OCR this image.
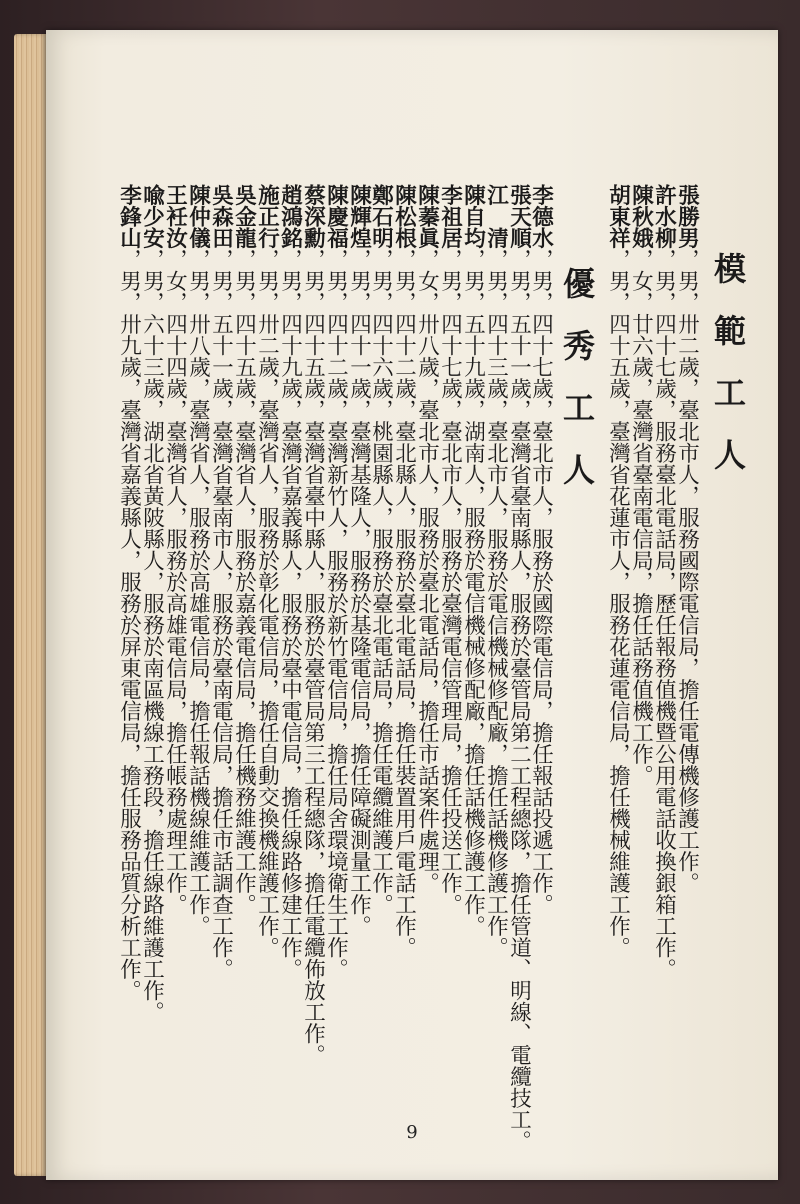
模範工人
張勝男，男，卅二歲，臺北市人，服務國際電信局，擔任電傳機修護工作。
許水柳，男，四十七歲，服務臺北電話局，歷任報務值機暨公用電話收換銀箱工作。
陳秋娥，女，廿六歲，臺灣省臺南電信局，擔任話務值機工作。
胡東祥，男，四十五歲，臺灣省花蓮市人，服務花蓮電信局，擔任機械維護工作。
優秀工人
李德水，男，四十七歲，臺北市人，服務於國際電信局，擔任報話投遞工作。
張天順，男，五十一歲，臺灣省臺南縣人，服務於臺管局第二工程總隊，擔任管道、明線、電纜技工。
江　清，男，四十三歲，臺北市人，服務於電信機械修配廠，擔任話機修護工作。
陳自均，男，五十九歲，湖南人，服務於電信機械修配廠，擔任話機修護工作。
李祖居，男，四十七歲，臺北市人，服務於臺灣電信管理局，擔任投送工作。
陳蓁眞，女，卅八歲，臺北市人，服務於臺北電話局，擔任市話案件處理。
陳松根，男，四十二歲，臺北縣人，服務於臺北電話局，擔任裝置用戶電話工作。
鄭石明，男，四十六歲，桃園縣人，服務於臺北電話局，擔任電纜維護工作。
陳輝煌，男，四十一歲，臺灣基隆人，服務於基隆電信局，擔任障礙測量工作。
陳慶福，男，四十二歲，臺灣新竹人，服務於新竹電信局，擔任局舍環境衛生工作。
蔡深勳，男，四十五歲，臺灣省臺中縣人，服務於臺管局第三工程總隊，擔任電纜佈放工作。
趙鴻銘，男，四十九歲，臺灣省嘉義縣人，服務於臺中電信局，擔任線路修建工作。
施正行，男，卅二歲，臺灣省人，服務於彰化電信局，擔任自動交換機維護工作。
吳金龍，男，四十五歲，臺灣省人，服務於嘉義電信局，擔任機務維護工作。
吳森田，男，五十一歲，臺灣省臺南市人，服務於臺南電信局，擔任市話調查工作。
陳仲儀，男，卅八歲，臺灣省人，服務於高雄電信局，擔任報話機線維護工作。
王衽汝，女，四十四歲，臺灣省人，服務於高雄電信局，擔任帳務處理工作。
喩少安，男，六十三歲，湖北省黃陂縣人，服務於南區機線工務段，擔任線路維護工作。
李鋒山，男，卅九歲，臺灣省嘉義縣人，服務於屏東電信局，擔任服務品質分析工作。
9
